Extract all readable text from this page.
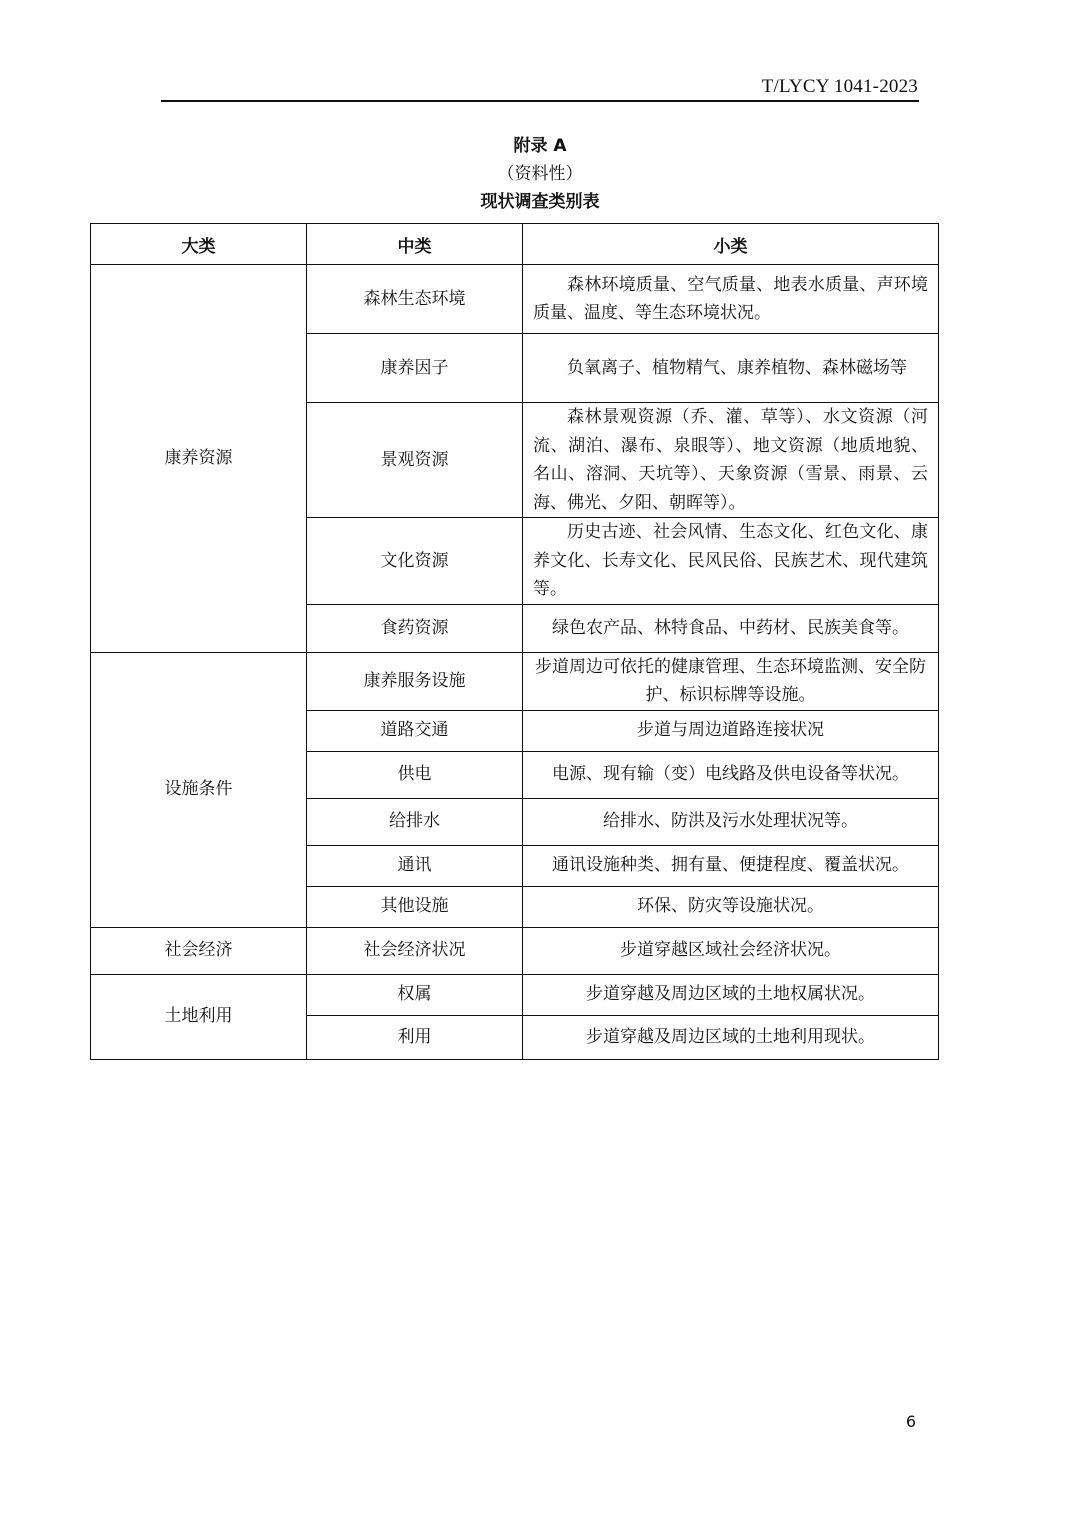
T/LYCY 1041-2023
附录 A
（资料性）
现状调查类别表
大类	中类	小类
康养资源	森林生态环境	森林环境质量、空气质量、地表水质量、声环境质量、温度、等生态环境状况。
	康养因子	负氧离子、植物精气、康养植物、森林磁场等
	景观资源	森林景观资源（乔、灌、草等）、水文资源（河流、湖泊、瀑布、泉眼等）、地文资源（地质地貌、名山、溶洞、天坑等）、天象资源（雪景、雨景、云海、佛光、夕阳、朝晖等）。
	文化资源	历史古迹、社会风情、生态文化、红色文化、康养文化、长寿文化、民风民俗、民族艺术、现代建筑等。
	食药资源	绿色农产品、林特食品、中药材、民族美食等。
设施条件	康养服务设施	步道周边可依托的健康管理、生态环境监测、安全防护、标识标牌等设施。
	道路交通	步道与周边道路连接状况
	供电	电源、现有输（变）电线路及供电设备等状况。
	给排水	给排水、防洪及污水处理状况等。
	通讯	通讯设施种类、拥有量、便捷程度、覆盖状况。
	其他设施	环保、防灾等设施状况。
社会经济	社会经济状况	步道穿越区域社会经济状况。
土地利用	权属	步道穿越及周边区域的土地权属状况。
	利用	步道穿越及周边区域的土地利用现状。
6
